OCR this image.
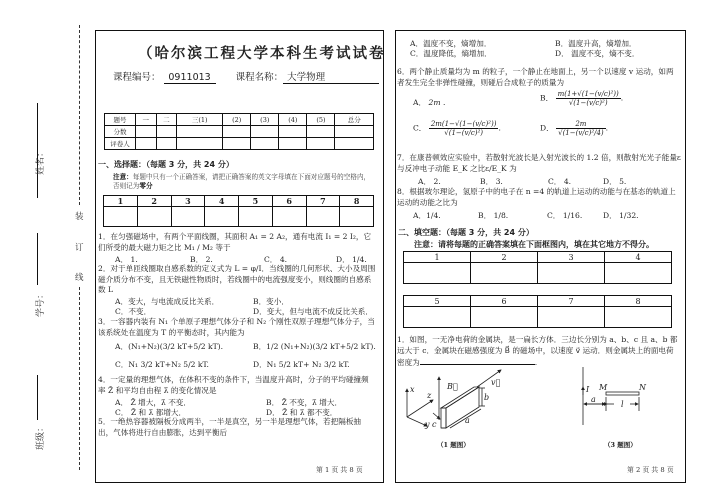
姓名：
学号：
班级：
装
订
线
（哈尔滨工程大学本科生考试试卷
课程编号： 0911013	课程名称： 大学物理
题号	一	二	三(1)	(2)	(3)	(4)	(5)	总分
分数								
评卷人								
一、选择题：（每题 3 分，共 24 分）
注意：每题中只有一个正确答案，请把正确答案的英文字母填在下面对应题号的空格内，
否则记为零分
1	2	3	4	5	6	7	8

1．在匀强磁场中，有两个平面线圈，其面积 A₁ = 2 A₂，通有电流 I₁ = 2 I₂，它们所受的最大磁力矩之比 M₁ / M₂ 等于
A． 1.	B． 2.	C． 4.	D． 1/4.
2．对于单匝线圈取自感系数的定义式为 L = φ/I．当线圈的几何形状、大小及周围磁介质分布不变，且无铁磁性物质时，若线圈中的电流强度变小，则线圈的自感系数 L
A．变大，与电流成反比关系．	B．变小．
C．不变．	D．变大，但与电流不成反比关系．
3．一容器内装有 N₁ 个单原子理想气体分子和 N₂ 个刚性双原子理想气体分子，当该系统处在温度为 T 的平衡态时，其内能为
A．(N₁+N₂)(3/2 kT+5/2 kT).	B．1/2 (N₁+N₂)(3/2 kT+5/2 kT).
C．N₁ 3/2 kT+N₂ 5/2 kT.	D．N₁ 5/2 kT+ N₂ 3/2 kT.
4．一定量的理想气体，在体积不变的条件下，当温度升高时，分子的平均碰撞频率 Z̄ 和平均自由程 λ̄ 的变化情况是
A． Z̄ 增大，λ̄ 不变．	B． Z̄ 不变，λ̄ 增大．
C． Z̄ 和 λ̄ 都增大．	D． Z̄ 和 λ̄ 都不变．
5．一绝热容器被隔板分成两半，一半是真空，另一半是理想气体，若把隔板抽出，气体将进行自由膨胀，达到平衡后
第 1 页 共 8 页
A．温度不变，熵增加．	B．温度升高，熵增加．
C．温度降低，熵增加．	D． 温度不变，熵不变．
6．两个静止质量均为 m 的粒子，一个静止在地面上，另一个以速度 v 运动，如两者发生完全非弹性碰撞，则碰后合成粒子的质量为
A． 2m .	B． $\frac{\text{m(1+√(1−(v/c)²))}}{\text{√(1−(v/c)²)}}$ .
C． $\frac{\text{2m(1−√(1−(v/c)²))}}{\text{√(1−(v/c)²)}}$ .	D． $\frac{2m}{\text{√(1−(v/c)²/4)}}$ .
7．在康普顿效应实验中，若散射光波长是入射光波长的 1.2 倍，则散射光光子能量ε与反冲电子动能 E_K 之比ε/E_K 为
A． 2.	B． 3.	C． 4.	D． 5.
8．根据玻尔理论，氢原子中的电子在 n =4 的轨道上运动的动能与在基态的轨道上运动的动能之比为
A．1/4.	B． 1/8.	C． 1/16.	D． 1/32.
二、填空题：（每题 3 分，共 24 分）
注意：请将每题的正确答案填在下面框图内，填在其它地方不得分。
1	2	3	4

5	6	7	8

1．如图，一无净电荷的金属块，是一扁长方体．三边长分别为 a、b、c 且 a、b 都远大于 c．金属块在磁感强度为 B⃗ 的磁场中，以速度 v⃗ 运动．则金属块上的面电荷密度为	.
x
z
y
B⃗	v⃗
b
c	a
（1 题图）
I M	N
a
l
（3 题图）
第 2 页 共 8 页
